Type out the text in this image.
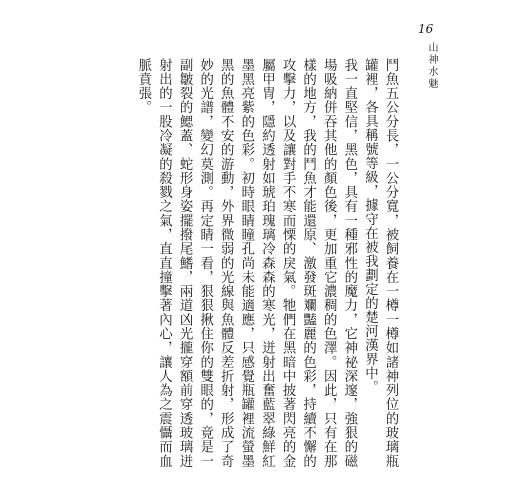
16
山神水魅

鬥魚五公分長，一公分寬，被飼養在一樽一樽如諸神列位的玻璃瓶罐裡，各具稱號等級，據守在被我劃定的楚河漢界中。

我一直堅信，黑色，具有一種邪性的魔力，它神祕深邃，強狠的磁場吸納併吞其他的顏色後，更加重它濃稠的色澤。因此，只有在那樣的地方，我的鬥魚才能還原、激發斑斕豔麗的色彩，持續不懈的攻擊力，以及讓對手不寒而慄的戾氣。牠們在黑暗中披著閃亮的金屬甲冑，隱約透射如琥珀瑰璃冷森森的寒光，迸射出奮藍翠綠鮮紅墨黑亮紫的色彩。初時眼睛瞳孔尚未能適應，只感覺瓶罐裡流螢墨黑的魚體不安的游動，外界微弱的光線與魚體反差折射，形成了奇妙的光譜，變幻莫測。再定睛一看，狠狠揪住你的雙眼的，竟是一副皺裂的鰓蓋、蛇形身姿擺撥尾鰭，兩道凶光攏穿額前穿透玻璃迸射出的一股冷凝的殺戮之氣，直直撞擊著內心，讓人為之震懾而血脈賁張。
